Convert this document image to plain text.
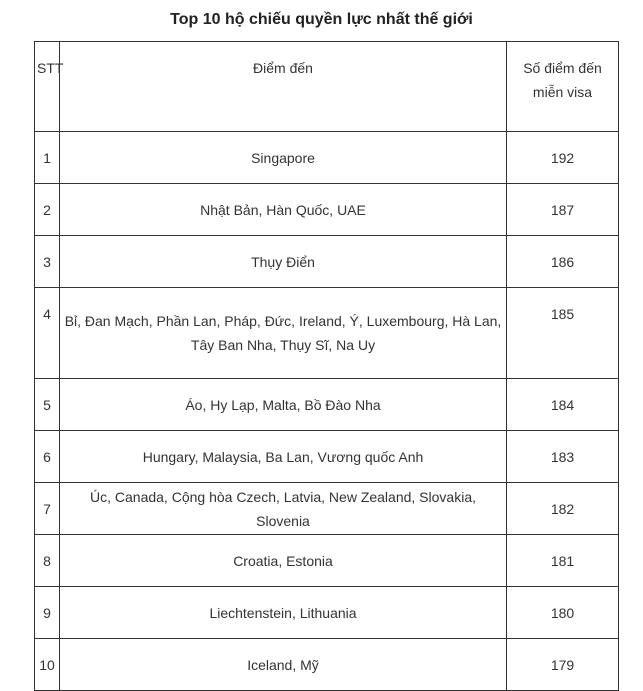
Top 10 hộ chiếu quyền lực nhất thế giới
STT	Điểm đến	Số điểm đến miễn visa
1	Singapore	192
2	Nhật Bản, Hàn Quốc, UAE	187
3	Thụy Điển	186
4	Bỉ, Đan Mạch, Phần Lan, Pháp, Đức, Ireland, Ý, Luxembourg, Hà Lan, Tây Ban Nha, Thụy Sĩ, Na Uy	185
5	Áo, Hy Lạp, Malta, Bồ Đào Nha	184
6	Hungary, Malaysia, Ba Lan, Vương quốc Anh	183
7	Úc, Canada, Cộng hòa Czech, Latvia, New Zealand, Slovakia, Slovenia	182
8	Croatia, Estonia	181
9	Liechtenstein, Lithuania	180
10	Iceland, Mỹ	179
